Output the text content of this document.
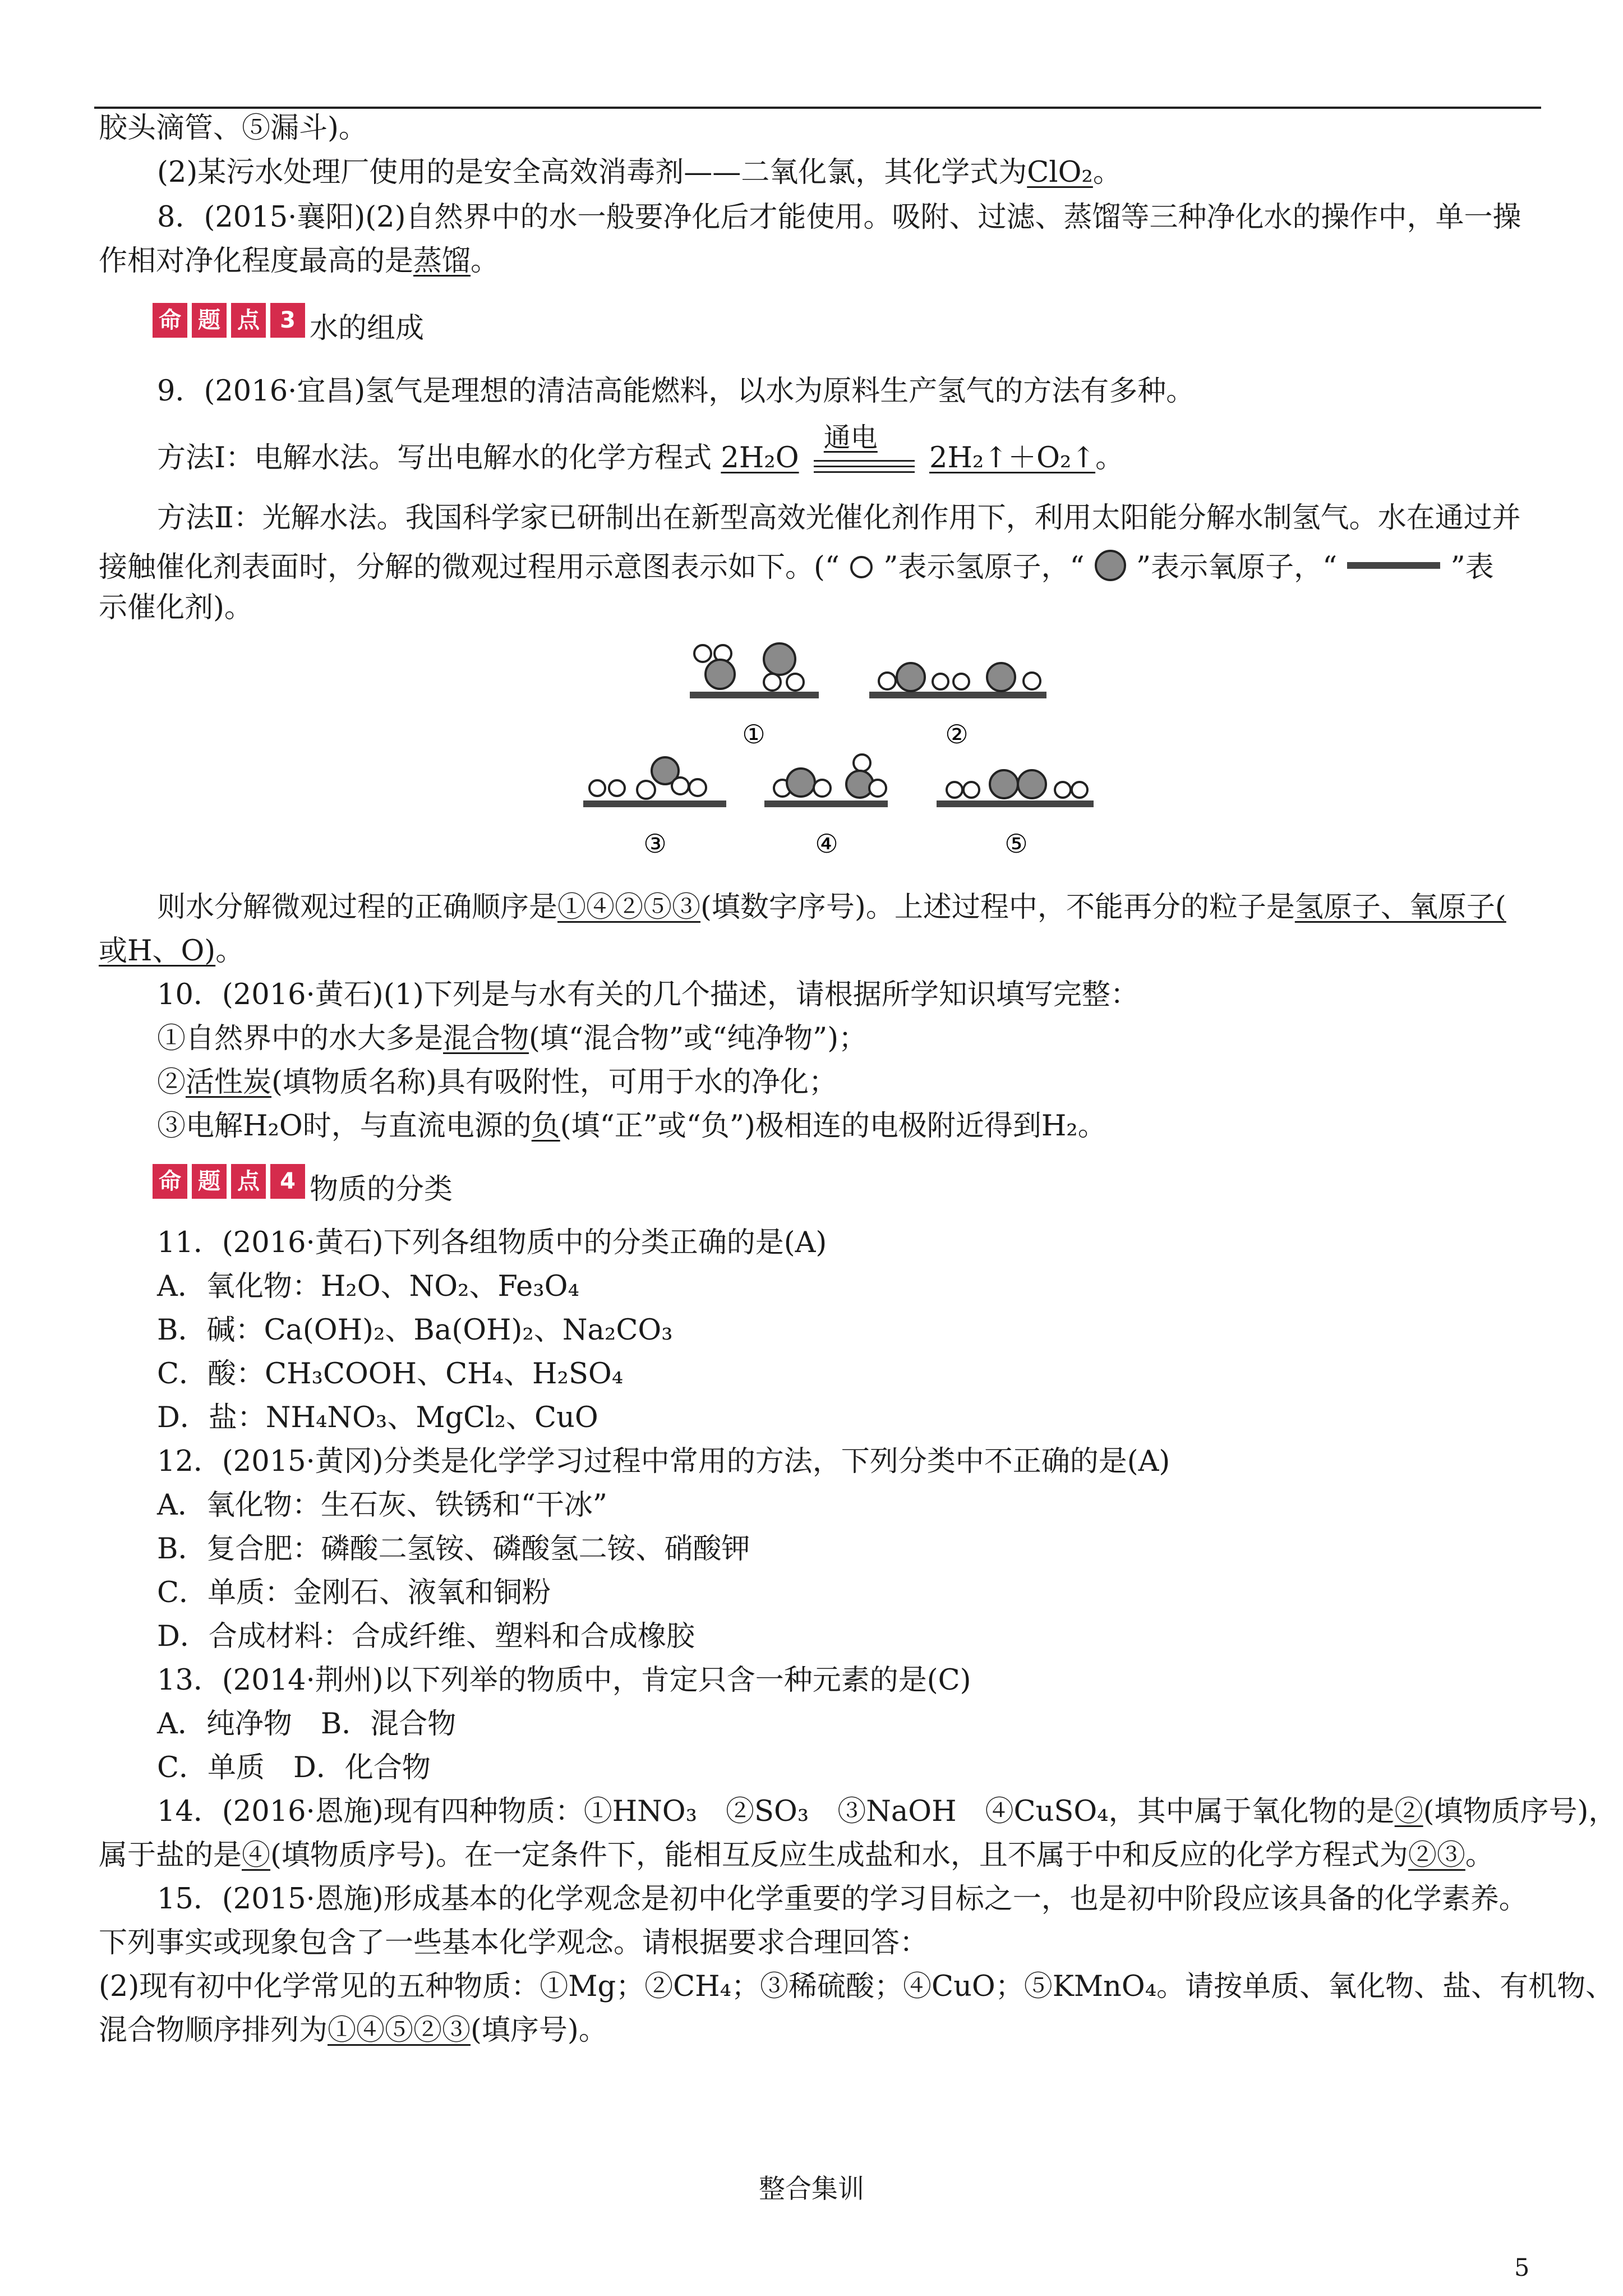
胶头滴管、⑤漏斗)。
(2)某污水处理厂使用的是安全高效消毒剂——二氧化氯，其化学式为ClO₂。
8．(2015·襄阳)(2)自然界中的水一般要净化后才能使用。吸附、过滤、蒸馏等三种净化水的操作中，单一操
作相对净化程度最高的是蒸馏。
命 题 点 3 水的组成
9．(2016·宜昌)氢气是理想的清洁高能燃料，以水为原料生产氢气的方法有多种。
方法Ⅰ：电解水法。写出电解水的化学方程式 2H₂O
通电
2H₂↑＋O₂↑。
方法Ⅱ：光解水法。我国科学家已研制出在新型高效光催化剂作用下，利用太阳能分解水制氢气。水在通过并
接触催化剂表面时，分解的微观过程用示意图表示如下。(“ ”表示氢原子，“ ”表示氧原子，“	”表
示催化剂)。
①	②
③	④	⑤
则水分解微观过程的正确顺序是①④②⑤③(填数字序号)。上述过程中，不能再分的粒子是氢原子、氧原子(
或H、O)。
10．(2016·黄石)(1)下列是与水有关的几个描述，请根据所学知识填写完整：
①自然界中的水大多是混合物(填“混合物”或“纯净物”)；
②活性炭(填物质名称)具有吸附性，可用于水的净化；
③电解H₂O时，与直流电源的负(填“正”或“负”)极相连的电极附近得到H₂。
命 题 点 4 物质的分类
11．(2016·黄石)下列各组物质中的分类正确的是(A)
A．氧化物：H₂O、NO₂、Fe₃O₄
B．碱：Ca(OH)₂、Ba(OH)₂、Na₂CO₃
C．酸：CH₃COOH、CH₄、H₂SO₄
D．盐：NH₄NO₃、MgCl₂、CuO
12．(2015·黄冈)分类是化学学习过程中常用的方法，下列分类中不正确的是(A)
A．氧化物：生石灰、铁锈和“干冰”
B．复合肥：磷酸二氢铵、磷酸氢二铵、硝酸钾
C．单质：金刚石、液氧和铜粉
D．合成材料：合成纤维、塑料和合成橡胶
13．(2014·荆州)以下列举的物质中，肯定只含一种元素的是(C)
A．纯净物　B．混合物
C．单质　D．化合物
14．(2016·恩施)现有四种物质：①HNO₃　②SO₃　③NaOH　④CuSO₄，其中属于氧化物的是②(填物质序号)，
属于盐的是④(填物质序号)。在一定条件下，能相互反应生成盐和水，且不属于中和反应的化学方程式为②③。
15．(2015·恩施)形成基本的化学观念是初中化学重要的学习目标之一，也是初中阶段应该具备的化学素养。
下列事实或现象包含了一些基本化学观念。请根据要求合理回答：
(2)现有初中化学常见的五种物质：①Mg；②CH₄；③稀硫酸；④CuO；⑤KMnO₄。请按单质、氧化物、盐、有机物、
混合物顺序排列为①④⑤②③(填序号)。
整合集训
5
